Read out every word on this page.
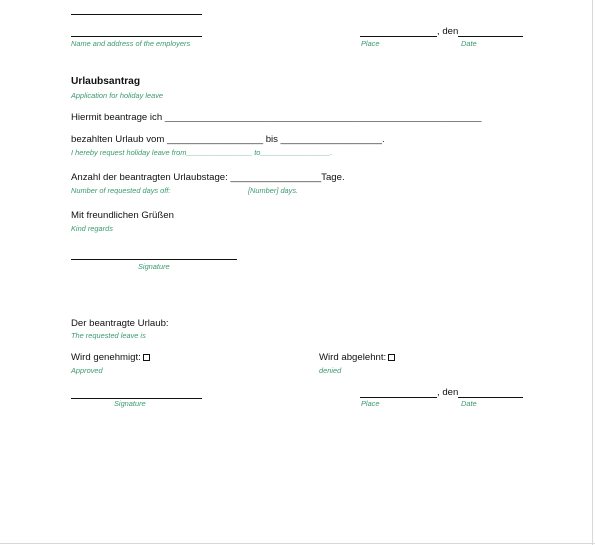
Name and address of the employers
, den
Place	Date
Urlaubsantrag
Application for holiday leave
Hiermit beantrage ich ____________________________________________________________________
bezahlten Urlaub vom __________________ bis ___________________.
I hereby request holiday leave from________________ to_________________.
Anzahl der beantragten Urlaubstage: _________________Tage.
Number of requested days off:	[Number] days.
Mit freundlichen Grüßen
Kind regards
Signature
Der beantragte Urlaub:
The requested leave is
Wird genehmigt:
Approved
Wird abgelehnt:
denied
Signature
, den
Place	Date
